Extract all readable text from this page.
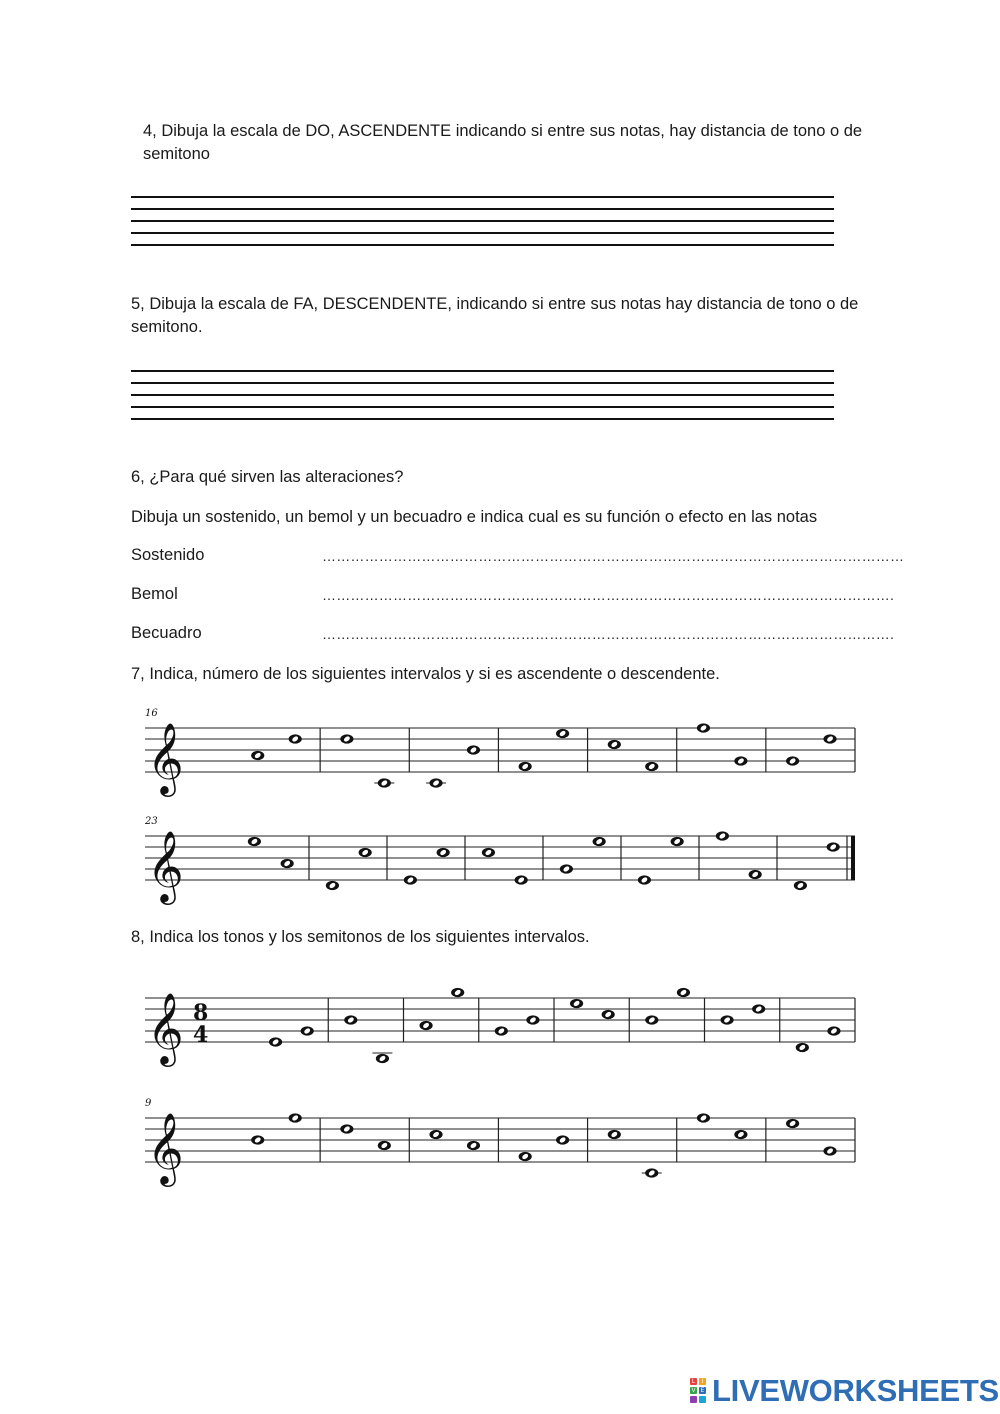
4, Dibuja la escala de DO, ASCENDENTE indicando si entre sus notas, hay distancia de tono o de semitono
5, Dibuja la escala de FA, DESCENDENTE, indicando si entre sus notas hay distancia de tono o de semitono.
6, ¿Para qué sirven las alteraciones?
Dibuja un sostenido, un bemol y un becuadro e indica cual es su función o efecto en las notas
Sostenido	……………………………………………………………………………………………………………
Bemol	………………………………………………………………………………………………………….
Becuadro	………………………………………………………………………………………………………….
7, Indica, número de los siguientes intervalos y si es ascendente o descendente.
𝄞
16
𝄞
23
8, Indica los tonos y los semitonos de los siguientes intervalos.
𝄞 8
4
𝄞
9
L	I
V E LIVEWORKSHEETS
